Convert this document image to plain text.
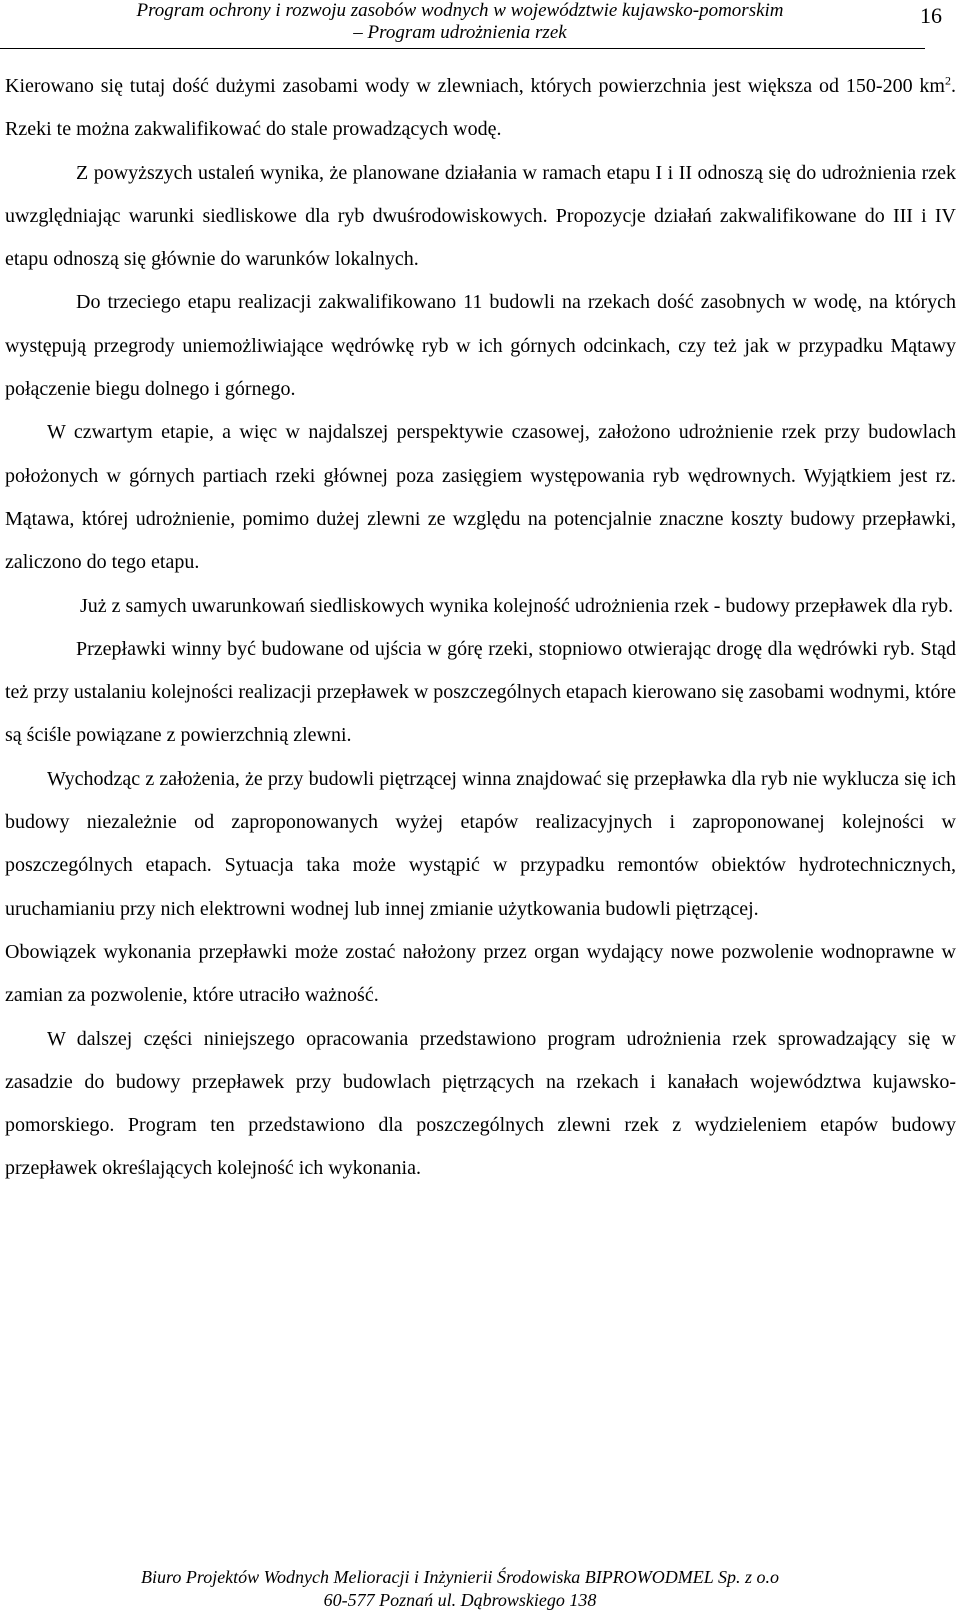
Program ochrony i rozwoju zasobów wodnych w województwie kujawsko-pomorskim
– Program udrożnienia rzek
16

Kierowano się tutaj dość dużymi zasobami wody w zlewniach, których powierzchnia jest większa od 150-200 $km^2$. Rzeki te można zakwalifikować do stale prowadzących wodę.

Z powyższych ustaleń wynika, że planowane działania w ramach etapu I i II odnoszą się do udrożnienia rzek uwzględniając warunki siedliskowe dla ryb dwuśrodowiskowych. Propozycje działań zakwalifikowane do III i IV etapu odnoszą się głównie do warunków lokalnych.

Do trzeciego etapu realizacji zakwalifikowano 11 budowli na rzekach dość zasobnych w wodę, na których występują przegrody uniemożliwiające wędrówkę ryb w ich górnych odcinkach, czy też jak w przypadku Mątawy połączenie biegu dolnego i górnego.

W czwartym etapie, a więc w najdalszej perspektywie czasowej, założono udrożnienie rzek przy budowlach położonych w górnych partiach rzeki głównej poza zasięgiem występowania ryb wędrownych. Wyjątkiem jest rz. Mątawa, której udrożnienie, pomimo dużej zlewni ze względu na potencjalnie znaczne koszty budowy przepławki, zaliczono do tego etapu.

Już z samych uwarunkowań siedliskowych wynika kolejność udrożnienia rzek - budowy przepławek dla ryb.

Przepławki winny być budowane od ujścia w górę rzeki, stopniowo otwierając drogę dla wędrówki ryb. Stąd też przy ustalaniu kolejności realizacji przepławek w poszczególnych etapach kierowano się zasobami wodnymi, które są ściśle powiązane z powierzchnią zlewni.

Wychodząc z założenia, że przy budowli piętrzącej winna znajdować się przepławka dla ryb nie wyklucza się ich budowy niezależnie od zaproponowanych wyżej etapów realizacyjnych i zaproponowanej kolejności w poszczególnych etapach. Sytuacja taka może wystąpić w przypadku remontów obiektów hydrotechnicznych, uruchamianiu przy nich elektrowni wodnej lub innej zmianie użytkowania budowli piętrzącej.

Obowiązek wykonania przepławki może zostać nałożony przez organ wydający nowe pozwolenie wodnoprawne w zamian za pozwolenie, które utraciło ważność.

W dalszej części niniejszego opracowania przedstawiono program udrożnienia rzek sprowadzający się w zasadzie do budowy przepławek przy budowlach piętrzących na rzekach i kanałach województwa kujawsko-pomorskiego. Program ten przedstawiono dla poszczególnych zlewni rzek z wydzieleniem etapów budowy przepławek określających kolejność ich wykonania.

Biuro Projektów Wodnych Melioracji i Inżynierii Środowiska BIPROWODMEL Sp. z o.o
60-577 Poznań ul. Dąbrowskiego 138
